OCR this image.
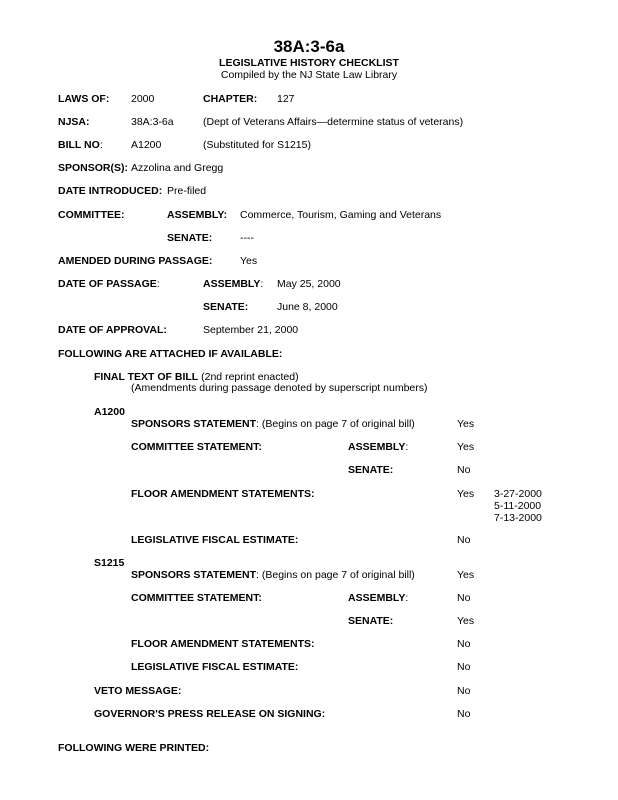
38A:3-6a
LEGISLATIVE HISTORY CHECKLIST
Compiled by the NJ State Law Library
LAWS OF: 2000	CHAPTER: 127
NJSA:	38A:3-6a	(Dept of Veterans Affairs—determine status of veterans)
BILL NO:	A1200	(Substituted for S1215)
SPONSOR(S): Azzolina and Gregg
DATE INTRODUCED: Pre-filed
COMMITTEE:	ASSEMBLY: Commerce, Tourism, Gaming and Veterans
SENATE:	----
AMENDED DURING PASSAGE:	Yes
DATE OF PASSAGE:	ASSEMBLY: May 25, 2000
SENATE:	June 8, 2000
DATE OF APPROVAL:	September 21, 2000
FOLLOWING ARE ATTACHED IF AVAILABLE:
FINAL TEXT OF BILL (2nd reprint enacted)
(Amendments during passage denoted by superscript numbers)
A1200
SPONSORS STATEMENT: (Begins on page 7 of original bill)	Yes
COMMITTEE STATEMENT:	ASSEMBLY:	Yes
SENATE:	No
FLOOR AMENDMENT STATEMENTS:	Yes 3-27-2000
5-11-2000
7-13-2000
LEGISLATIVE FISCAL ESTIMATE:	No
S1215
SPONSORS STATEMENT: (Begins on page 7 of original bill)	Yes
COMMITTEE STATEMENT:	ASSEMBLY:	No
SENATE:	Yes
FLOOR AMENDMENT STATEMENTS:	No
LEGISLATIVE FISCAL ESTIMATE:	No
VETO MESSAGE:	No
GOVERNOR'S PRESS RELEASE ON SIGNING:	No
FOLLOWING WERE PRINTED:
